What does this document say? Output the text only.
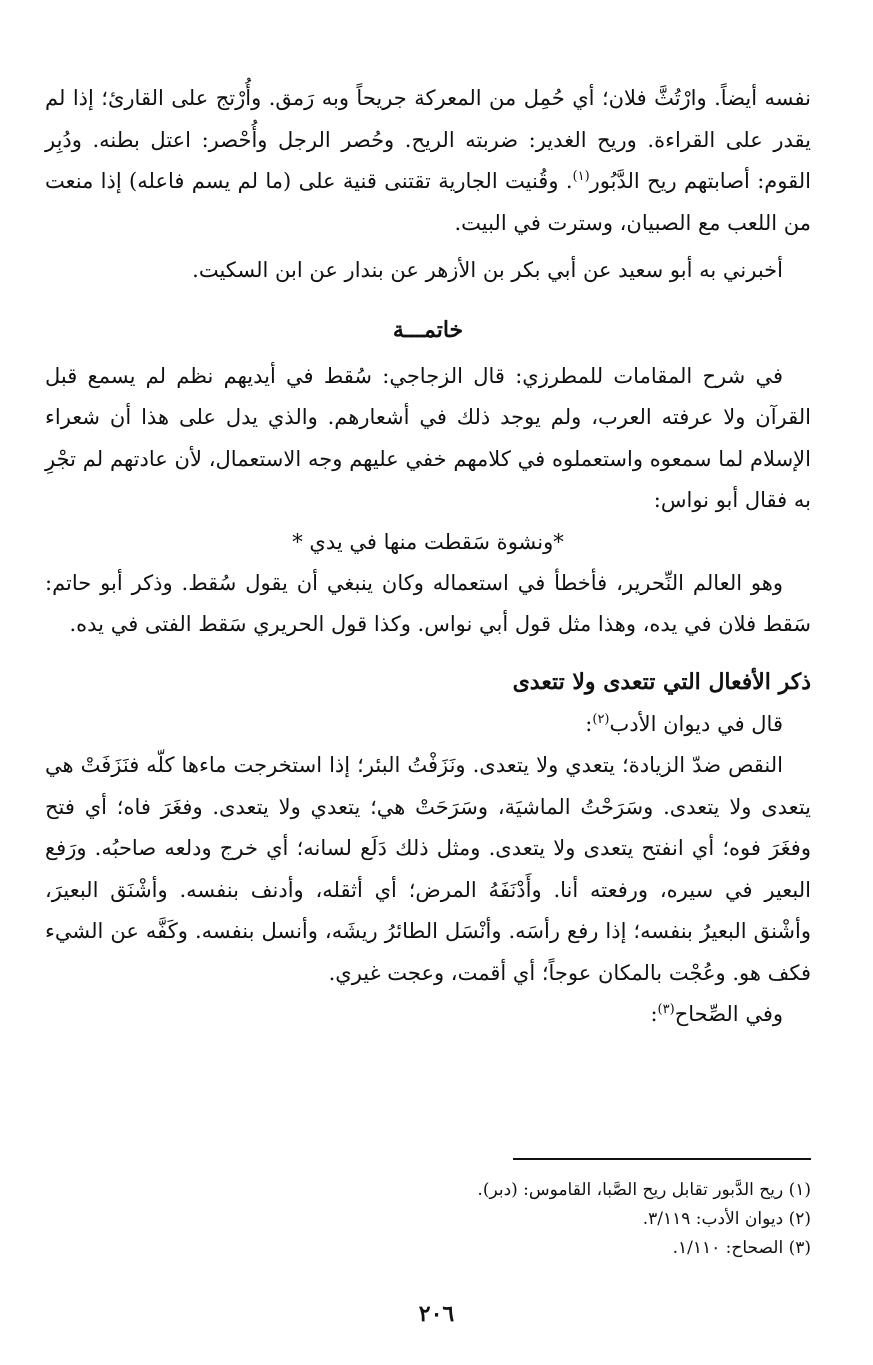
نفسه أيضاً. وارْتُثَّ فلان؛ أي حُمِل من المعركة جريحاً وبه رَمق. وأُرْتج على القارئ؛ إذا لم يقدر على القراءة. وريح الغدير: ضربته الريح. وحُصر الرجل وأُحْصر: اعتل بطنه. ودُبِر القوم: أصابتهم ريح الدَّبُور$^{(١)}$. وقُنيت الجارية تقتنى قنية على (ما لم يسم فاعله) إذا منعت من اللعب مع الصبيان، وسترت في البيت.

أخبرني به أبو سعيد عن أبي بكر بن الأزهر عن بندار عن ابن السكيت.

خاتمـــة

في شرح المقامات للمطرزي: قال الزجاجي: سُقط في أيديهم نظم لم يسمع قبل القرآن ولا عرفته العرب، ولم يوجد ذلك في أشعارهم. والذي يدل على هذا أن شعراء الإسلام لما سمعوه واستعملوه في كلامهم خفي عليهم وجه الاستعمال، لأن عادتهم لم تجْرِ به فقال أبو نواس:

*ونشوة سَقطت منها في يدي *

وهو العالم النِّحرير، فأخطأ في استعماله وكان ينبغي أن يقول سُقط. وذكر أبو حاتم: سَقط فلان في يده، وهذا مثل قول أبي نواس. وكذا قول الحريري سَقط الفتى في يده.

ذكر الأفعال التي تتعدى ولا تتعدى

قال في ديوان الأدب$^{(٢)}$:

النقص ضدّ الزيادة؛ يتعدي ولا يتعدى. ونَزَفْتُ البئر؛ إذا استخرجت ماءها كلّه فنَزَفَتْ هي يتعدى ولا يتعدى. وسَرَحْتُ الماشيَة، وسَرَحَتْ هي؛ يتعدي ولا يتعدى. وفغَرَ فاه؛ أي فتح وفغَرَ فوه؛ أي انفتح يتعدى ولا يتعدى. ومثل ذلك دَلَع لسانه؛ أي خرج ودلعه صاحبُه. ورَفع البعير في سيره، ورفعته أنا. وأَدْنَفَهُ المرض؛ أي أثقله، وأدنف بنفسه. وأشْنَق البعيرَ، وأشْنق البعيرُ بنفسه؛ إذا رفع رأسَه. وأنْسَل الطائرُ ريشَه، وأنسل بنفسه. وكَفَّه عن الشيء فكف هو. وعُجْت بالمكان عوجاً؛ أي أقمت، وعجت غيري.

وفي الصِّحاح$^{(٣)}$:

(١) ريح الدَّبور تقابل ريح الصَّبا، القاموس: (دبر).
(٢) ديوان الأدب: ٣/١١٩.
(٣) الصحاح: ١/١١٠.
٢٠٦
